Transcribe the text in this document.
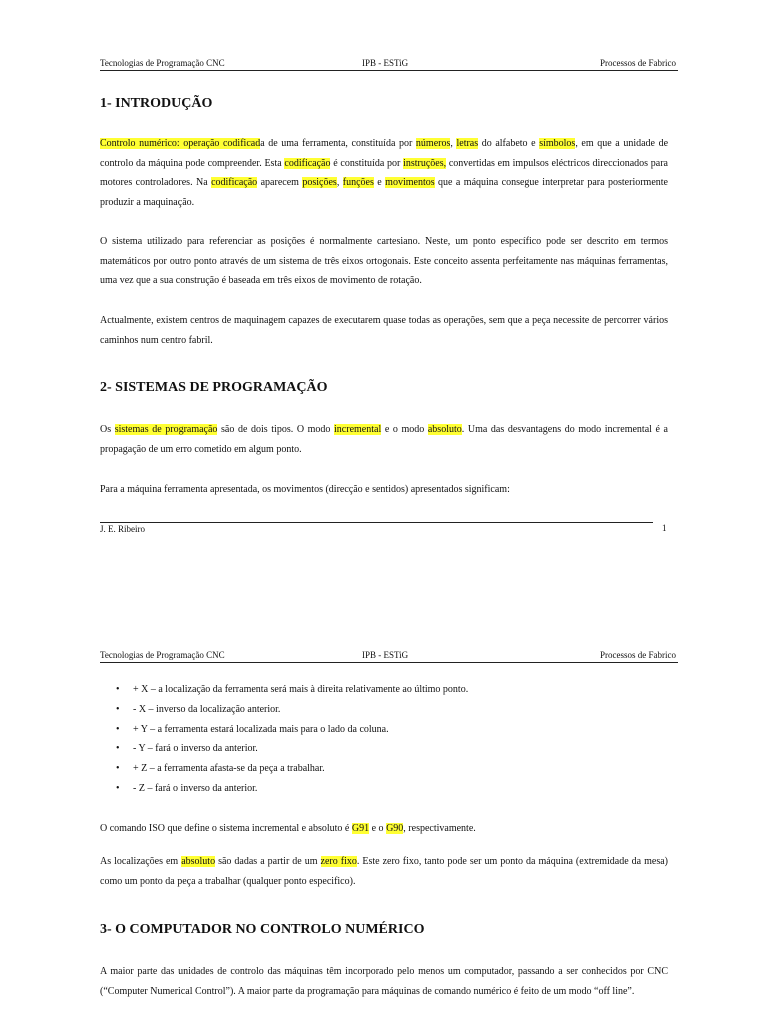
Tecnologias de Programação CNC	IPB - ESTiG	Processos de Fabrico
1- INTRODUÇÃO

Controlo numérico: operação codificada de uma ferramenta, constituída por números, letras do alfabeto e símbolos, em que a unidade de controlo da máquina pode compreender. Esta codificação é constituída por instruções, convertidas em impulsos eléctricos direccionados para motores controladores. Na codificação aparecem posições, funções e movimentos que a máquina consegue interpretar para posteriormente produzir a maquinação.

O sistema utilizado para referenciar as posições é normalmente cartesiano. Neste, um ponto específico pode ser descrito em termos matemáticos por outro ponto através de um sistema de três eixos ortogonais. Este conceito assenta perfeitamente nas máquinas ferramentas, uma vez que a sua construção é baseada em três eixos de movimento de rotação.

Actualmente, existem centros de maquinagem capazes de executarem quase todas as operações, sem que a peça necessite de percorrer vários caminhos num centro fabril.

2- SISTEMAS DE PROGRAMAÇÃO

Os sistemas de programação são de dois tipos. O modo incremental e o modo absoluto. Uma das desvantagens do modo incremental é a propagação de um erro cometido em algum ponto.

Para a máquina ferramenta apresentada, os movimentos (direcção e sentidos) apresentados significam:

J. E. Ribeiro	1
Tecnologias de Programação CNC	IPB - ESTiG	Processos de Fabrico
• + X – a localização da ferramenta será mais à direita relativamente ao último ponto.
• - X – inverso da localização anterior.
• + Y – a ferramenta estará localizada mais para o lado da coluna.
• - Y – fará o inverso da anterior.
• + Z – a ferramenta afasta-se da peça a trabalhar.
• - Z – fará o inverso da anterior.

O comando ISO que define o sistema incremental e absoluto é G91 e o G90, respectivamente.

As localizações em absoluto são dadas a partir de um zero fixo. Este zero fixo, tanto pode ser um ponto da máquina (extremidade da mesa) como um ponto da peça a trabalhar (qualquer ponto especifico).

3- O COMPUTADOR NO CONTROLO NUMÉRICO

A maior parte das unidades de controlo das máquinas têm incorporado pelo menos um computador, passando a ser conhecidos por CNC (“Computer Numerical Control”). A maior parte da programação para máquinas de comando numérico é feito de um modo “off line”.
